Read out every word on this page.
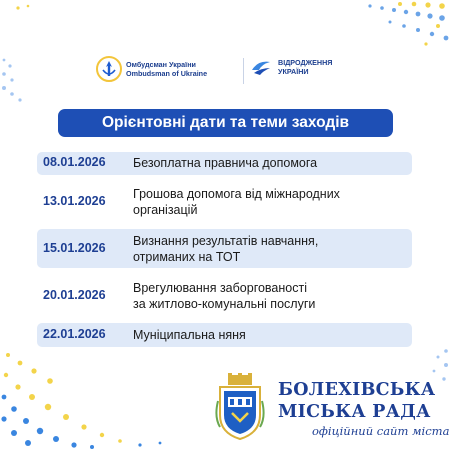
Омбудсман України
Ombudsman of Ukraine
ВІДРОДЖЕННЯ
УКРАЇНИ
Орієнтовні дати та теми заходів
08.01.2026 Безоплатна правнича допомога
13.01.2026 Грошова допомога від міжнародних
організацій
15.01.2026 Визнання результатів навчання,
отриманих на ТОТ
20.01.2026 Врегулювання заборгованості
за житлово-комунальні послуги
22.01.2026 Муніципальна няня
БОЛЕХІВСЬКА
МІСЬКА РАДА
офіційний сайт міста
